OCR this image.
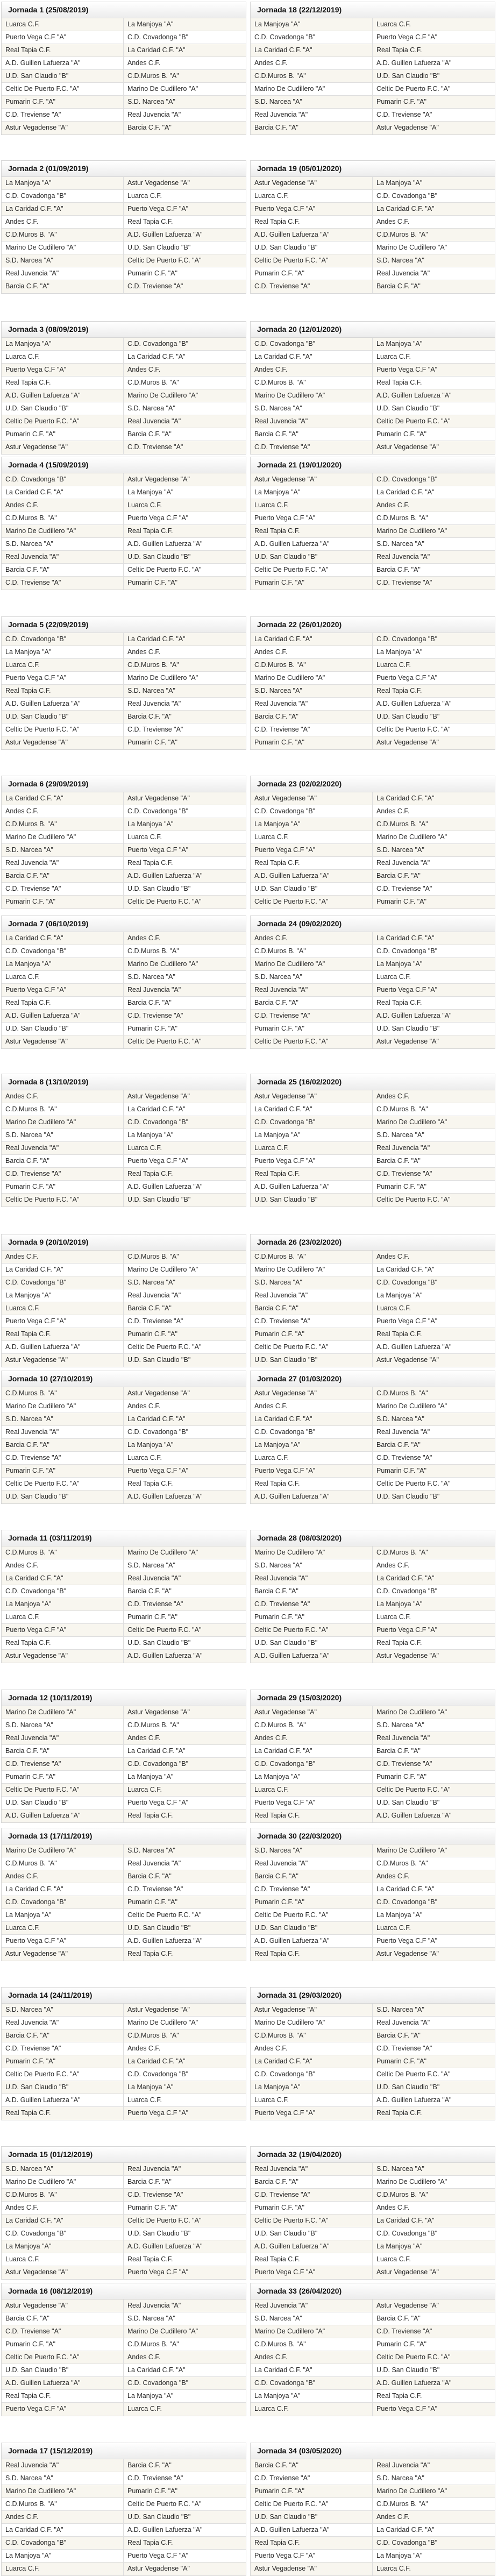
Jornada 1 (25/08/2019)
Luarca C.F.	La Manjoya "A"
Puerto Vega C.F "A"	C.D. Covadonga "B"
Real Tapia C.F.	La Caridad C.F. "A"
A.D. Guillen Lafuerza "A"	Andes C.F.
U.D. San Claudio "B"	C.D.Muros B. "A"
Celtic De Puerto F.C. "A"	Marino De Cudillero "A"
Pumarin C.F. "A"	S.D. Narcea "A"
C.D. Treviense "A"	Real Juvencia "A"
Astur Vegadense "A"	Barcia C.F. "A"
Jornada 2 (01/09/2019)
La Manjoya "A"	Astur Vegadense "A"
C.D. Covadonga "B"	Luarca C.F.
La Caridad C.F. "A"	Puerto Vega C.F "A"
Andes C.F.	Real Tapia C.F.
C.D.Muros B. "A"	A.D. Guillen Lafuerza "A"
Marino De Cudillero "A"	U.D. San Claudio "B"
S.D. Narcea "A"	Celtic De Puerto F.C. "A"
Real Juvencia "A"	Pumarin C.F. "A"
Barcia C.F. "A"	C.D. Treviense "A"
Jornada 3 (08/09/2019)
La Manjoya "A"	C.D. Covadonga "B"
Luarca C.F.	La Caridad C.F. "A"
Puerto Vega C.F "A"	Andes C.F.
Real Tapia C.F.	C.D.Muros B. "A"
A.D. Guillen Lafuerza "A"	Marino De Cudillero "A"
U.D. San Claudio "B"	S.D. Narcea "A"
Celtic De Puerto F.C. "A"	Real Juvencia "A"
Pumarin C.F. "A"	Barcia C.F. "A"
Astur Vegadense "A"	C.D. Treviense "A"
Jornada 4 (15/09/2019)
C.D. Covadonga "B"	Astur Vegadense "A"
La Caridad C.F. "A"	La Manjoya "A"
Andes C.F.	Luarca C.F.
C.D.Muros B. "A"	Puerto Vega C.F "A"
Marino De Cudillero "A"	Real Tapia C.F.
S.D. Narcea "A"	A.D. Guillen Lafuerza "A"
Real Juvencia "A"	U.D. San Claudio "B"
Barcia C.F. "A"	Celtic De Puerto F.C. "A"
C.D. Treviense "A"	Pumarin C.F. "A"
Jornada 5 (22/09/2019)
C.D. Covadonga "B"	La Caridad C.F. "A"
La Manjoya "A"	Andes C.F.
Luarca C.F.	C.D.Muros B. "A"
Puerto Vega C.F "A"	Marino De Cudillero "A"
Real Tapia C.F.	S.D. Narcea "A"
A.D. Guillen Lafuerza "A"	Real Juvencia "A"
U.D. San Claudio "B"	Barcia C.F. "A"
Celtic De Puerto F.C. "A"	C.D. Treviense "A"
Astur Vegadense "A"	Pumarin C.F. "A"
Jornada 6 (29/09/2019)
La Caridad C.F. "A"	Astur Vegadense "A"
Andes C.F.	C.D. Covadonga "B"
C.D.Muros B. "A"	La Manjoya "A"
Marino De Cudillero "A"	Luarca C.F.
S.D. Narcea "A"	Puerto Vega C.F "A"
Real Juvencia "A"	Real Tapia C.F.
Barcia C.F. "A"	A.D. Guillen Lafuerza "A"
C.D. Treviense "A"	U.D. San Claudio "B"
Pumarin C.F. "A"	Celtic De Puerto F.C. "A"
Jornada 7 (06/10/2019)
La Caridad C.F. "A"	Andes C.F.
C.D. Covadonga "B"	C.D.Muros B. "A"
La Manjoya "A"	Marino De Cudillero "A"
Luarca C.F.	S.D. Narcea "A"
Puerto Vega C.F "A"	Real Juvencia "A"
Real Tapia C.F.	Barcia C.F. "A"
A.D. Guillen Lafuerza "A"	C.D. Treviense "A"
U.D. San Claudio "B"	Pumarin C.F. "A"
Astur Vegadense "A"	Celtic De Puerto F.C. "A"
Jornada 8 (13/10/2019)
Andes C.F.	Astur Vegadense "A"
C.D.Muros B. "A"	La Caridad C.F. "A"
Marino De Cudillero "A"	C.D. Covadonga "B"
S.D. Narcea "A"	La Manjoya "A"
Real Juvencia "A"	Luarca C.F.
Barcia C.F. "A"	Puerto Vega C.F "A"
C.D. Treviense "A"	Real Tapia C.F.
Pumarin C.F. "A"	A.D. Guillen Lafuerza "A"
Celtic De Puerto F.C. "A"	U.D. San Claudio "B"
Jornada 9 (20/10/2019)
Andes C.F.	C.D.Muros B. "A"
La Caridad C.F. "A"	Marino De Cudillero "A"
C.D. Covadonga "B"	S.D. Narcea "A"
La Manjoya "A"	Real Juvencia "A"
Luarca C.F.	Barcia C.F. "A"
Puerto Vega C.F "A"	C.D. Treviense "A"
Real Tapia C.F.	Pumarin C.F. "A"
A.D. Guillen Lafuerza "A"	Celtic De Puerto F.C. "A"
Astur Vegadense "A"	U.D. San Claudio "B"
Jornada 10 (27/10/2019)
C.D.Muros B. "A"	Astur Vegadense "A"
Marino De Cudillero "A"	Andes C.F.
S.D. Narcea "A"	La Caridad C.F. "A"
Real Juvencia "A"	C.D. Covadonga "B"
Barcia C.F. "A"	La Manjoya "A"
C.D. Treviense "A"	Luarca C.F.
Pumarin C.F. "A"	Puerto Vega C.F "A"
Celtic De Puerto F.C. "A"	Real Tapia C.F.
U.D. San Claudio "B"	A.D. Guillen Lafuerza "A"
Jornada 11 (03/11/2019)
C.D.Muros B. "A"	Marino De Cudillero "A"
Andes C.F.	S.D. Narcea "A"
La Caridad C.F. "A"	Real Juvencia "A"
C.D. Covadonga "B"	Barcia C.F. "A"
La Manjoya "A"	C.D. Treviense "A"
Luarca C.F.	Pumarin C.F. "A"
Puerto Vega C.F "A"	Celtic De Puerto F.C. "A"
Real Tapia C.F.	U.D. San Claudio "B"
Astur Vegadense "A"	A.D. Guillen Lafuerza "A"
Jornada 12 (10/11/2019)
Marino De Cudillero "A"	Astur Vegadense "A"
S.D. Narcea "A"	C.D.Muros B. "A"
Real Juvencia "A"	Andes C.F.
Barcia C.F. "A"	La Caridad C.F. "A"
C.D. Treviense "A"	C.D. Covadonga "B"
Pumarin C.F. "A"	La Manjoya "A"
Celtic De Puerto F.C. "A"	Luarca C.F.
U.D. San Claudio "B"	Puerto Vega C.F "A"
A.D. Guillen Lafuerza "A"	Real Tapia C.F.
Jornada 13 (17/11/2019)
Marino De Cudillero "A"	S.D. Narcea "A"
C.D.Muros B. "A"	Real Juvencia "A"
Andes C.F.	Barcia C.F. "A"
La Caridad C.F. "A"	C.D. Treviense "A"
C.D. Covadonga "B"	Pumarin C.F. "A"
La Manjoya "A"	Celtic De Puerto F.C. "A"
Luarca C.F.	U.D. San Claudio "B"
Puerto Vega C.F "A"	A.D. Guillen Lafuerza "A"
Astur Vegadense "A"	Real Tapia C.F.
Jornada 14 (24/11/2019)
S.D. Narcea "A"	Astur Vegadense "A"
Real Juvencia "A"	Marino De Cudillero "A"
Barcia C.F. "A"	C.D.Muros B. "A"
C.D. Treviense "A"	Andes C.F.
Pumarin C.F. "A"	La Caridad C.F. "A"
Celtic De Puerto F.C. "A"	C.D. Covadonga "B"
U.D. San Claudio "B"	La Manjoya "A"
A.D. Guillen Lafuerza "A"	Luarca C.F.
Real Tapia C.F.	Puerto Vega C.F "A"
Jornada 15 (01/12/2019)
S.D. Narcea "A"	Real Juvencia "A"
Marino De Cudillero "A"	Barcia C.F. "A"
C.D.Muros B. "A"	C.D. Treviense "A"
Andes C.F.	Pumarin C.F. "A"
La Caridad C.F. "A"	Celtic De Puerto F.C. "A"
C.D. Covadonga "B"	U.D. San Claudio "B"
La Manjoya "A"	A.D. Guillen Lafuerza "A"
Luarca C.F.	Real Tapia C.F.
Astur Vegadense "A"	Puerto Vega C.F "A"
Jornada 16 (08/12/2019)
Astur Vegadense "A"	Real Juvencia "A"
Barcia C.F. "A"	S.D. Narcea "A"
C.D. Treviense "A"	Marino De Cudillero "A"
Pumarin C.F. "A"	C.D.Muros B. "A"
Celtic De Puerto F.C. "A"	Andes C.F.
U.D. San Claudio "B"	La Caridad C.F. "A"
A.D. Guillen Lafuerza "A"	C.D. Covadonga "B"
Real Tapia C.F.	La Manjoya "A"
Puerto Vega C.F "A"	Luarca C.F.
Jornada 17 (15/12/2019)
Real Juvencia "A"	Barcia C.F. "A"
S.D. Narcea "A"	C.D. Treviense "A"
Marino De Cudillero "A"	Pumarin C.F. "A"
C.D.Muros B. "A"	Celtic De Puerto F.C. "A"
Andes C.F.	U.D. San Claudio "B"
La Caridad C.F. "A"	A.D. Guillen Lafuerza "A"
C.D. Covadonga "B"	Real Tapia C.F.
La Manjoya "A"	Puerto Vega C.F "A"
Luarca C.F.	Astur Vegadense "A"
Jornada 18 (22/12/2019)
La Manjoya "A"	Luarca C.F.
C.D. Covadonga "B"	Puerto Vega C.F "A"
La Caridad C.F. "A"	Real Tapia C.F.
Andes C.F.	A.D. Guillen Lafuerza "A"
C.D.Muros B. "A"	U.D. San Claudio "B"
Marino De Cudillero "A"	Celtic De Puerto F.C. "A"
S.D. Narcea "A"	Pumarin C.F. "A"
Real Juvencia "A"	C.D. Treviense "A"
Barcia C.F. "A"	Astur Vegadense "A"
Jornada 19 (05/01/2020)
Astur Vegadense "A"	La Manjoya "A"
Luarca C.F.	C.D. Covadonga "B"
Puerto Vega C.F "A"	La Caridad C.F. "A"
Real Tapia C.F.	Andes C.F.
A.D. Guillen Lafuerza "A"	C.D.Muros B. "A"
U.D. San Claudio "B"	Marino De Cudillero "A"
Celtic De Puerto F.C. "A"	S.D. Narcea "A"
Pumarin C.F. "A"	Real Juvencia "A"
C.D. Treviense "A"	Barcia C.F. "A"
Jornada 20 (12/01/2020)
C.D. Covadonga "B"	La Manjoya "A"
La Caridad C.F. "A"	Luarca C.F.
Andes C.F.	Puerto Vega C.F "A"
C.D.Muros B. "A"	Real Tapia C.F.
Marino De Cudillero "A"	A.D. Guillen Lafuerza "A"
S.D. Narcea "A"	U.D. San Claudio "B"
Real Juvencia "A"	Celtic De Puerto F.C. "A"
Barcia C.F. "A"	Pumarin C.F. "A"
C.D. Treviense "A"	Astur Vegadense "A"
Jornada 21 (19/01/2020)
Astur Vegadense "A"	C.D. Covadonga "B"
La Manjoya "A"	La Caridad C.F. "A"
Luarca C.F.	Andes C.F.
Puerto Vega C.F "A"	C.D.Muros B. "A"
Real Tapia C.F.	Marino De Cudillero "A"
A.D. Guillen Lafuerza "A"	S.D. Narcea "A"
U.D. San Claudio "B"	Real Juvencia "A"
Celtic De Puerto F.C. "A"	Barcia C.F. "A"
Pumarin C.F. "A"	C.D. Treviense "A"
Jornada 22 (26/01/2020)
La Caridad C.F. "A"	C.D. Covadonga "B"
Andes C.F.	La Manjoya "A"
C.D.Muros B. "A"	Luarca C.F.
Marino De Cudillero "A"	Puerto Vega C.F "A"
S.D. Narcea "A"	Real Tapia C.F.
Real Juvencia "A"	A.D. Guillen Lafuerza "A"
Barcia C.F. "A"	U.D. San Claudio "B"
C.D. Treviense "A"	Celtic De Puerto F.C. "A"
Pumarin C.F. "A"	Astur Vegadense "A"
Jornada 23 (02/02/2020)
Astur Vegadense "A"	La Caridad C.F. "A"
C.D. Covadonga "B"	Andes C.F.
La Manjoya "A"	C.D.Muros B. "A"
Luarca C.F.	Marino De Cudillero "A"
Puerto Vega C.F "A"	S.D. Narcea "A"
Real Tapia C.F.	Real Juvencia "A"
A.D. Guillen Lafuerza "A"	Barcia C.F. "A"
U.D. San Claudio "B"	C.D. Treviense "A"
Celtic De Puerto F.C. "A"	Pumarin C.F. "A"
Jornada 24 (09/02/2020)
Andes C.F.	La Caridad C.F. "A"
C.D.Muros B. "A"	C.D. Covadonga "B"
Marino De Cudillero "A"	La Manjoya "A"
S.D. Narcea "A"	Luarca C.F.
Real Juvencia "A"	Puerto Vega C.F "A"
Barcia C.F. "A"	Real Tapia C.F.
C.D. Treviense "A"	A.D. Guillen Lafuerza "A"
Pumarin C.F. "A"	U.D. San Claudio "B"
Celtic De Puerto F.C. "A"	Astur Vegadense "A"
Jornada 25 (16/02/2020)
Astur Vegadense "A"	Andes C.F.
La Caridad C.F. "A"	C.D.Muros B. "A"
C.D. Covadonga "B"	Marino De Cudillero "A"
La Manjoya "A"	S.D. Narcea "A"
Luarca C.F.	Real Juvencia "A"
Puerto Vega C.F "A"	Barcia C.F. "A"
Real Tapia C.F.	C.D. Treviense "A"
A.D. Guillen Lafuerza "A"	Pumarin C.F. "A"
U.D. San Claudio "B"	Celtic De Puerto F.C. "A"
Jornada 26 (23/02/2020)
C.D.Muros B. "A"	Andes C.F.
Marino De Cudillero "A"	La Caridad C.F. "A"
S.D. Narcea "A"	C.D. Covadonga "B"
Real Juvencia "A"	La Manjoya "A"
Barcia C.F. "A"	Luarca C.F.
C.D. Treviense "A"	Puerto Vega C.F "A"
Pumarin C.F. "A"	Real Tapia C.F.
Celtic De Puerto F.C. "A"	A.D. Guillen Lafuerza "A"
U.D. San Claudio "B"	Astur Vegadense "A"
Jornada 27 (01/03/2020)
Astur Vegadense "A"	C.D.Muros B. "A"
Andes C.F.	Marino De Cudillero "A"
La Caridad C.F. "A"	S.D. Narcea "A"
C.D. Covadonga "B"	Real Juvencia "A"
La Manjoya "A"	Barcia C.F. "A"
Luarca C.F.	C.D. Treviense "A"
Puerto Vega C.F "A"	Pumarin C.F. "A"
Real Tapia C.F.	Celtic De Puerto F.C. "A"
A.D. Guillen Lafuerza "A"	U.D. San Claudio "B"
Jornada 28 (08/03/2020)
Marino De Cudillero "A"	C.D.Muros B. "A"
S.D. Narcea "A"	Andes C.F.
Real Juvencia "A"	La Caridad C.F. "A"
Barcia C.F. "A"	C.D. Covadonga "B"
C.D. Treviense "A"	La Manjoya "A"
Pumarin C.F. "A"	Luarca C.F.
Celtic De Puerto F.C. "A"	Puerto Vega C.F "A"
U.D. San Claudio "B"	Real Tapia C.F.
A.D. Guillen Lafuerza "A"	Astur Vegadense "A"
Jornada 29 (15/03/2020)
Astur Vegadense "A"	Marino De Cudillero "A"
C.D.Muros B. "A"	S.D. Narcea "A"
Andes C.F.	Real Juvencia "A"
La Caridad C.F. "A"	Barcia C.F. "A"
C.D. Covadonga "B"	C.D. Treviense "A"
La Manjoya "A"	Pumarin C.F. "A"
Luarca C.F.	Celtic De Puerto F.C. "A"
Puerto Vega C.F "A"	U.D. San Claudio "B"
Real Tapia C.F.	A.D. Guillen Lafuerza "A"
Jornada 30 (22/03/2020)
S.D. Narcea "A"	Marino De Cudillero "A"
Real Juvencia "A"	C.D.Muros B. "A"
Barcia C.F. "A"	Andes C.F.
C.D. Treviense "A"	La Caridad C.F. "A"
Pumarin C.F. "A"	C.D. Covadonga "B"
Celtic De Puerto F.C. "A"	La Manjoya "A"
U.D. San Claudio "B"	Luarca C.F.
A.D. Guillen Lafuerza "A"	Puerto Vega C.F "A"
Real Tapia C.F.	Astur Vegadense "A"
Jornada 31 (29/03/2020)
Astur Vegadense "A"	S.D. Narcea "A"
Marino De Cudillero "A"	Real Juvencia "A"
C.D.Muros B. "A"	Barcia C.F. "A"
Andes C.F.	C.D. Treviense "A"
La Caridad C.F. "A"	Pumarin C.F. "A"
C.D. Covadonga "B"	Celtic De Puerto F.C. "A"
La Manjoya "A"	U.D. San Claudio "B"
Luarca C.F.	A.D. Guillen Lafuerza "A"
Puerto Vega C.F "A"	Real Tapia C.F.
Jornada 32 (19/04/2020)
Real Juvencia "A"	S.D. Narcea "A"
Barcia C.F. "A"	Marino De Cudillero "A"
C.D. Treviense "A"	C.D.Muros B. "A"
Pumarin C.F. "A"	Andes C.F.
Celtic De Puerto F.C. "A"	La Caridad C.F. "A"
U.D. San Claudio "B"	C.D. Covadonga "B"
A.D. Guillen Lafuerza "A"	La Manjoya "A"
Real Tapia C.F.	Luarca C.F.
Puerto Vega C.F "A"	Astur Vegadense "A"
Jornada 33 (26/04/2020)
Real Juvencia "A"	Astur Vegadense "A"
S.D. Narcea "A"	Barcia C.F. "A"
Marino De Cudillero "A"	C.D. Treviense "A"
C.D.Muros B. "A"	Pumarin C.F. "A"
Andes C.F.	Celtic De Puerto F.C. "A"
La Caridad C.F. "A"	U.D. San Claudio "B"
C.D. Covadonga "B"	A.D. Guillen Lafuerza "A"
La Manjoya "A"	Real Tapia C.F.
Luarca C.F.	Puerto Vega C.F "A"
Jornada 34 (03/05/2020)
Barcia C.F. "A"	Real Juvencia "A"
C.D. Treviense "A"	S.D. Narcea "A"
Pumarin C.F. "A"	Marino De Cudillero "A"
Celtic De Puerto F.C. "A"	C.D.Muros B. "A"
U.D. San Claudio "B"	Andes C.F.
A.D. Guillen Lafuerza "A"	La Caridad C.F. "A"
Real Tapia C.F.	C.D. Covadonga "B"
Puerto Vega C.F "A"	La Manjoya "A"
Astur Vegadense "A"	Luarca C.F.
